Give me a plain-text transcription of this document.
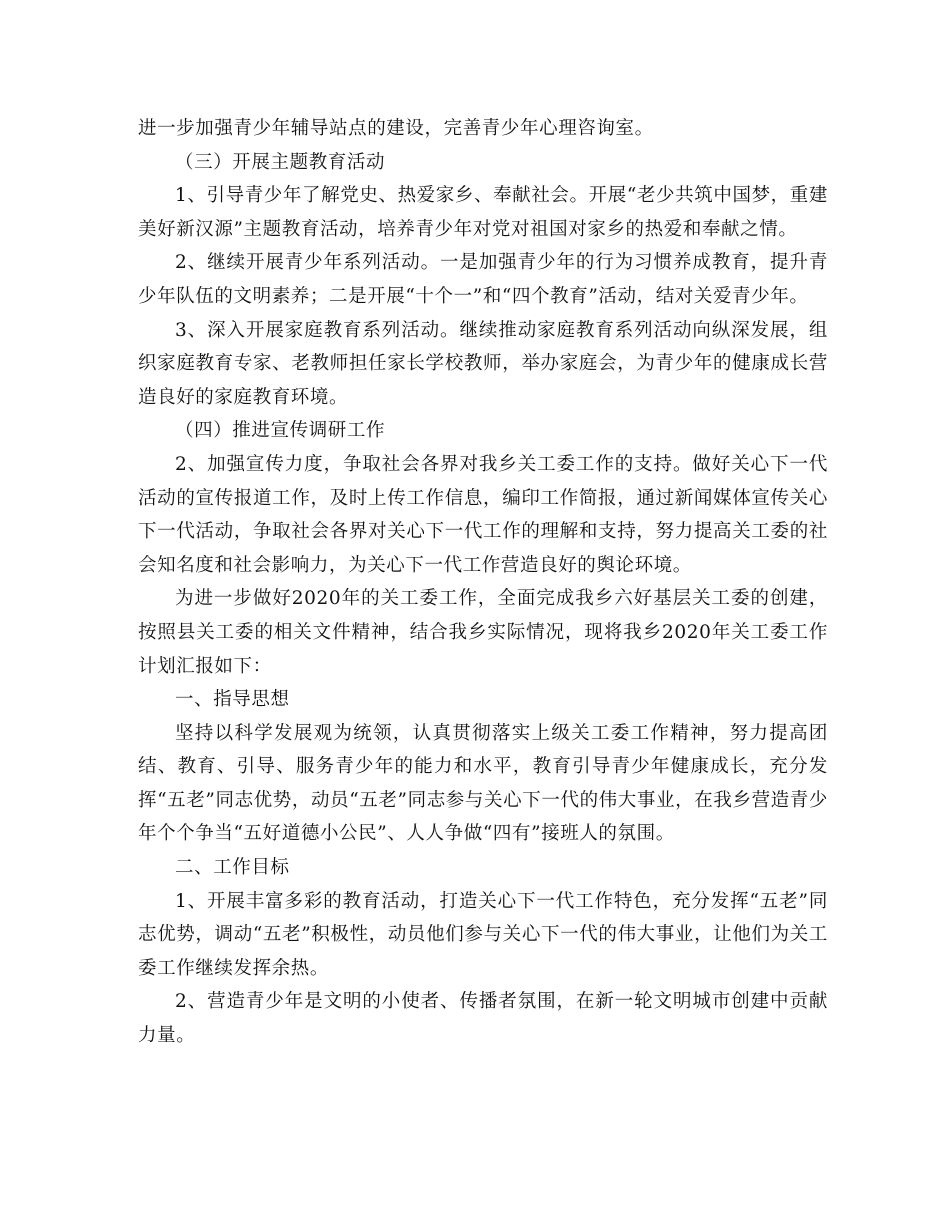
进一步加强青少年辅导站点的建设，完善青少年心理咨询室。

（三）开展主题教育活动

1、引导青少年了解党史、热爱家乡、奉献社会。开展“老少共筑中国梦，重建美好新汉源”主题教育活动，培养青少年对党对祖国对家乡的热爱和奉献之情。

2、继续开展青少年系列活动。一是加强青少年的行为习惯养成教育，提升青少年队伍的文明素养；二是开展“十个一”和“四个教育”活动，结对关爱青少年。

3、深入开展家庭教育系列活动。继续推动家庭教育系列活动向纵深发展，组织家庭教育专家、老教师担任家长学校教师，举办家庭会，为青少年的健康成长营造良好的家庭教育环境。

（四）推进宣传调研工作

2、加强宣传力度，争取社会各界对我乡关工委工作的支持。做好关心下一代活动的宣传报道工作，及时上传工作信息，编印工作简报，通过新闻媒体宣传关心下一代活动，争取社会各界对关心下一代工作的理解和支持，努力提高关工委的社会知名度和社会影响力，为关心下一代工作营造良好的舆论环境。

为进一步做好2020年的关工委工作，全面完成我乡六好基层关工委的创建，按照县关工委的相关文件精神，结合我乡实际情况，现将我乡2020年关工委工作计划汇报如下：

一、指导思想

坚持以科学发展观为统领，认真贯彻落实上级关工委工作精神，努力提高团结、教育、引导、服务青少年的能力和水平，教育引导青少年健康成长，充分发挥“五老”同志优势，动员“五老”同志参与关心下一代的伟大事业，在我乡营造青少年个个争当“五好道德小公民”、人人争做“四有”接班人的氛围。

二、工作目标

1、开展丰富多彩的教育活动，打造关心下一代工作特色，充分发挥“五老”同志优势，调动“五老”积极性，动员他们参与关心下一代的伟大事业，让他们为关工委工作继续发挥余热。

2、营造青少年是文明的小使者、传播者氛围，在新一轮文明城市创建中贡献力量。
